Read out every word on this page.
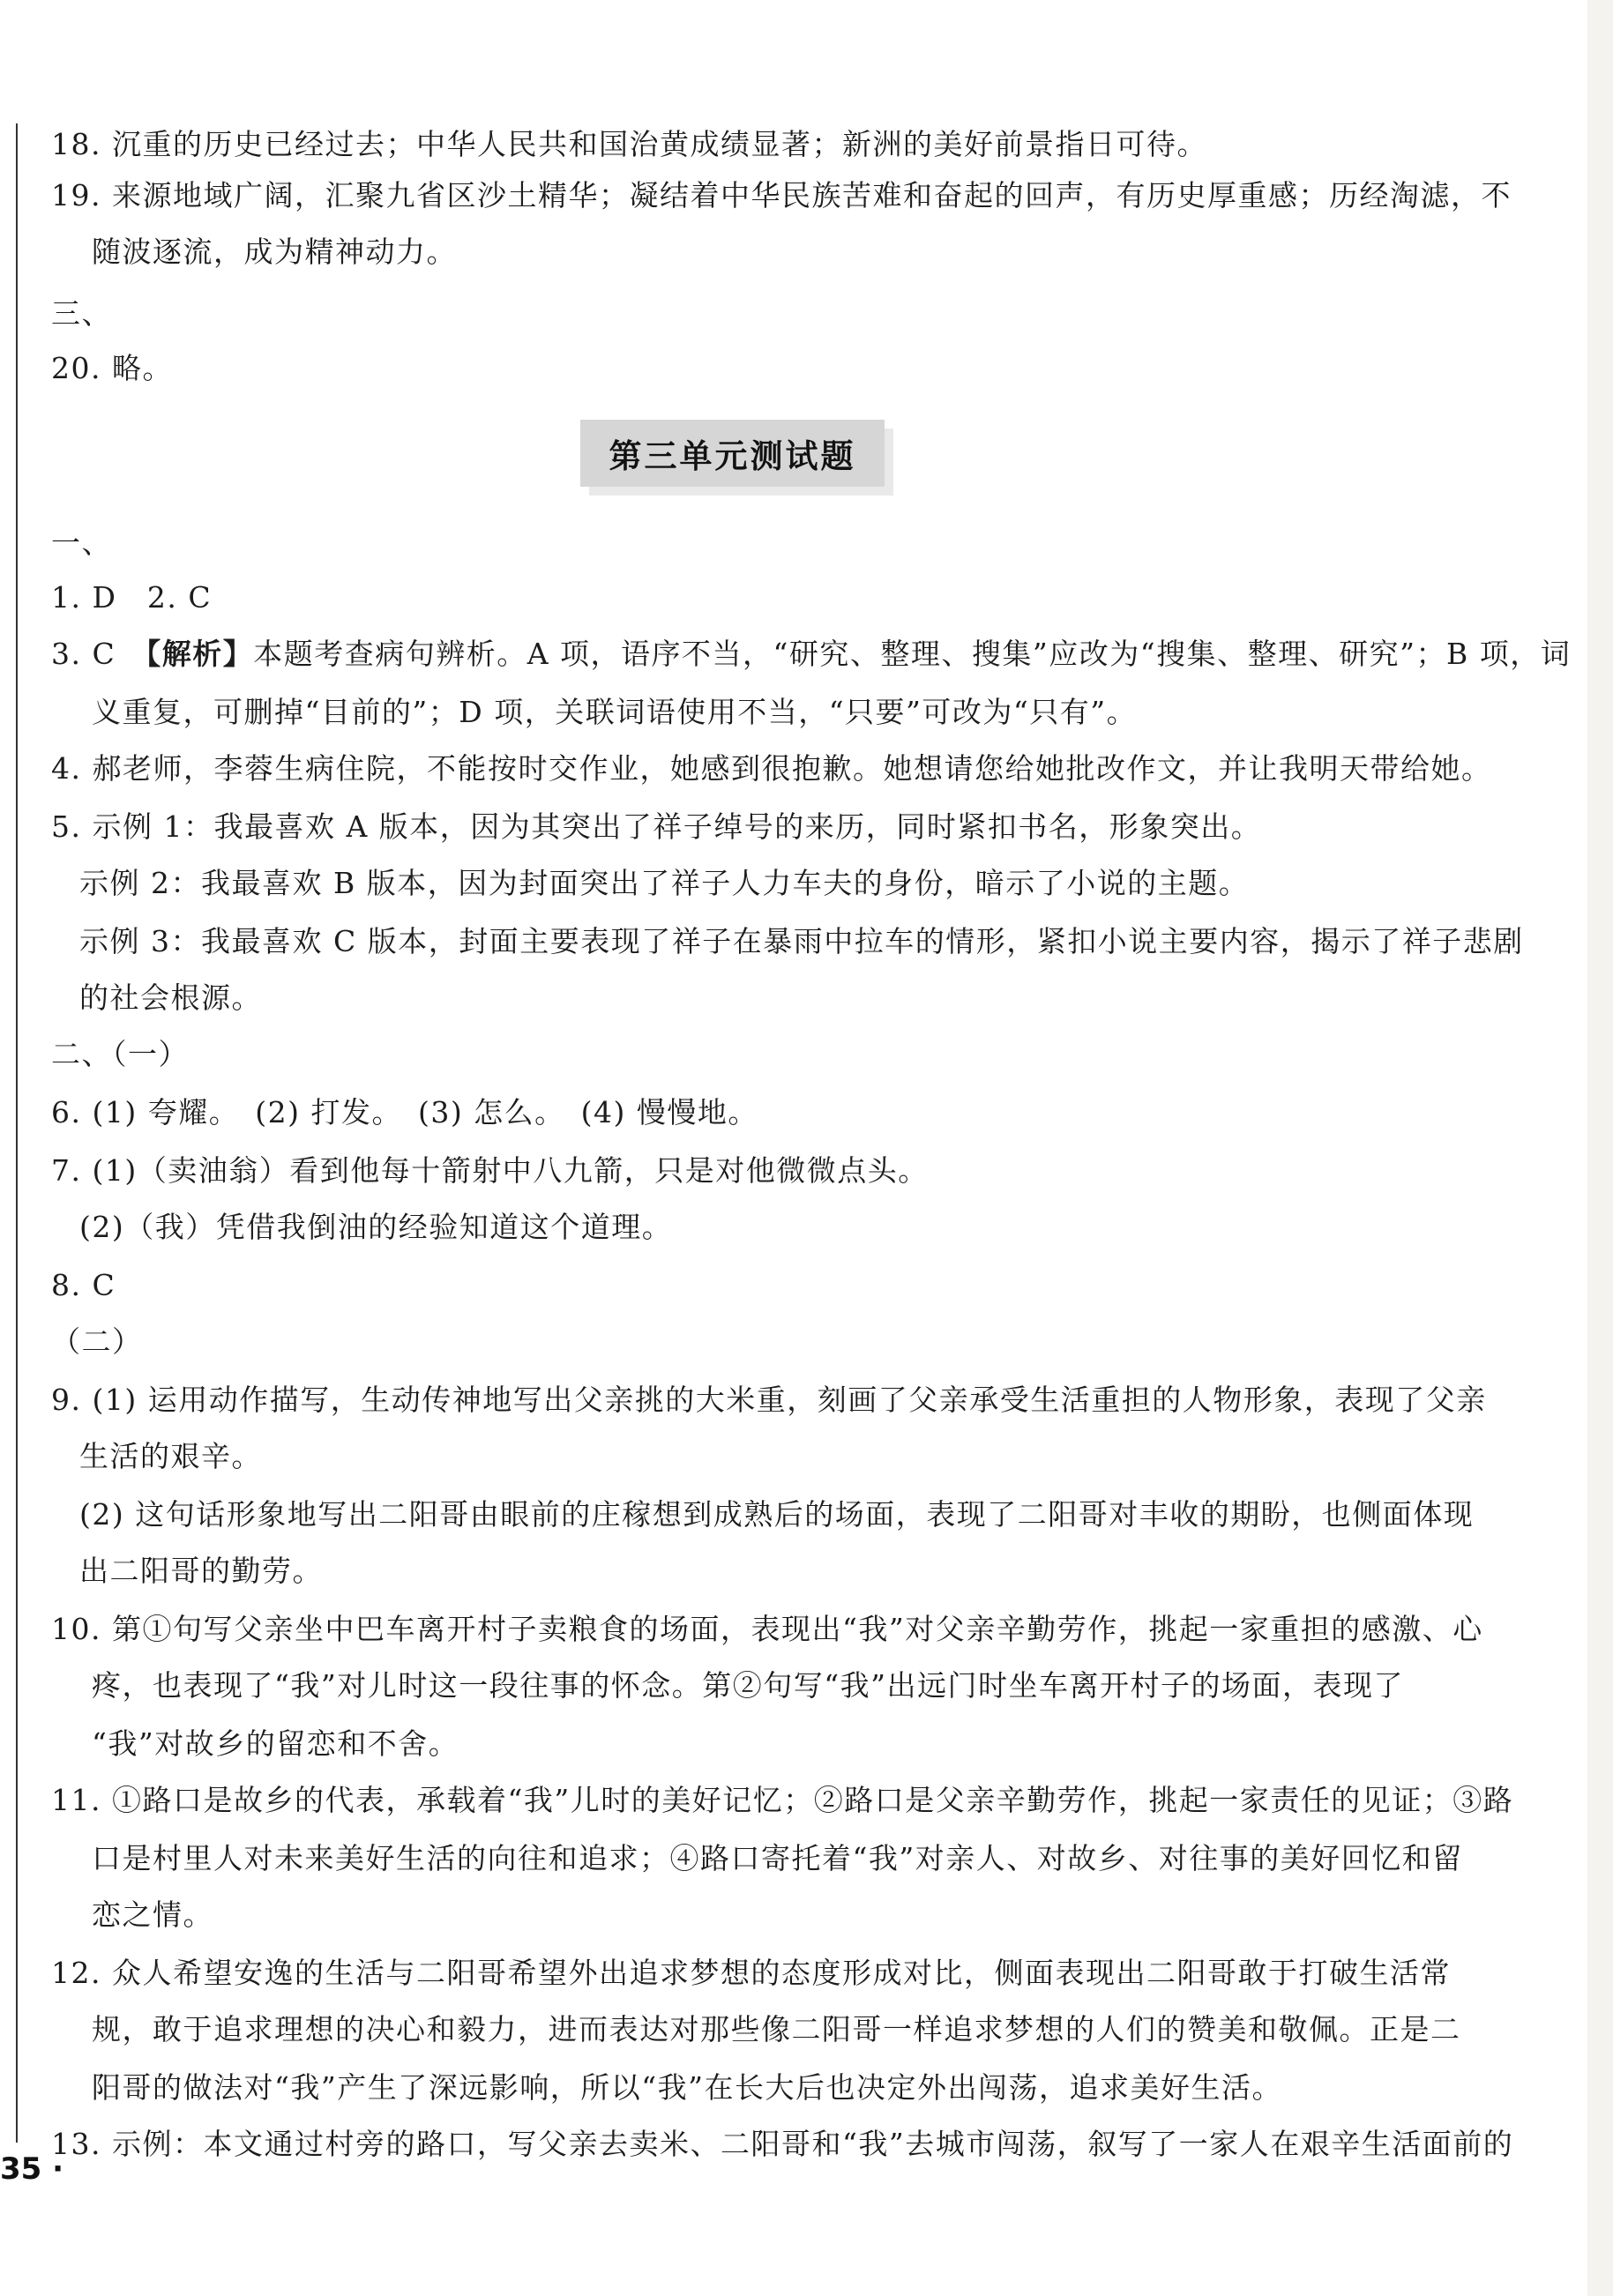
18. 沉重的历史已经过去；中华人民共和国治黄成绩显著；新洲的美好前景指日可待。
19. 来源地域广阔，汇聚九省区沙土精华；凝结着中华民族苦难和奋起的回声，有历史厚重感；历经淘滤，不
随波逐流，成为精神动力。
三、
20. 略。
第三单元测试题
一、
1. D　2. C
3. C　【解析】本题考查病句辨析。A 项，语序不当，“研究、整理、搜集”应改为“搜集、整理、研究”；B 项，词
义重复，可删掉“目前的”；D 项，关联词语使用不当，“只要”可改为“只有”。
4. 郝老师，李蓉生病住院，不能按时交作业，她感到很抱歉。她想请您给她批改作文，并让我明天带给她。
5. 示例 1：我最喜欢 A 版本，因为其突出了祥子绰号的来历，同时紧扣书名，形象突出。
示例 2：我最喜欢 B 版本，因为封面突出了祥子人力车夫的身份，暗示了小说的主题。
示例 3：我最喜欢 C 版本，封面主要表现了祥子在暴雨中拉车的情形，紧扣小说主要内容，揭示了祥子悲剧
的社会根源。
二、（一）
6. (1) 夸耀。　(2) 打发。　(3) 怎么。　(4) 慢慢地。
7. (1)（卖油翁）看到他每十箭射中八九箭，只是对他微微点头。
(2)（我）凭借我倒油的经验知道这个道理。
8. C
（二）
9. (1) 运用动作描写，生动传神地写出父亲挑的大米重，刻画了父亲承受生活重担的人物形象，表现了父亲
生活的艰辛。
(2) 这句话形象地写出二阳哥由眼前的庄稼想到成熟后的场面，表现了二阳哥对丰收的期盼，也侧面体现
出二阳哥的勤劳。
10. 第①句写父亲坐中巴车离开村子卖粮食的场面，表现出“我”对父亲辛勤劳作，挑起一家重担的感激、心
疼，也表现了“我”对儿时这一段往事的怀念。第②句写“我”出远门时坐车离开村子的场面，表现了
“我”对故乡的留恋和不舍。
11. ①路口是故乡的代表，承载着“我”儿时的美好记忆；②路口是父亲辛勤劳作，挑起一家责任的见证；③路
口是村里人对未来美好生活的向往和追求；④路口寄托着“我”对亲人、对故乡、对往事的美好回忆和留
恋之情。
12. 众人希望安逸的生活与二阳哥希望外出追求梦想的态度形成对比，侧面表现出二阳哥敢于打破生活常
规，敢于追求理想的决心和毅力，进而表达对那些像二阳哥一样追求梦想的人们的赞美和敬佩。正是二
阳哥的做法对“我”产生了深远影响，所以“我”在长大后也决定外出闯荡，追求美好生活。
13. 示例：本文通过村旁的路口，写父亲去卖米、二阳哥和“我”去城市闯荡，叙写了一家人在艰辛生活面前的
35 ·
